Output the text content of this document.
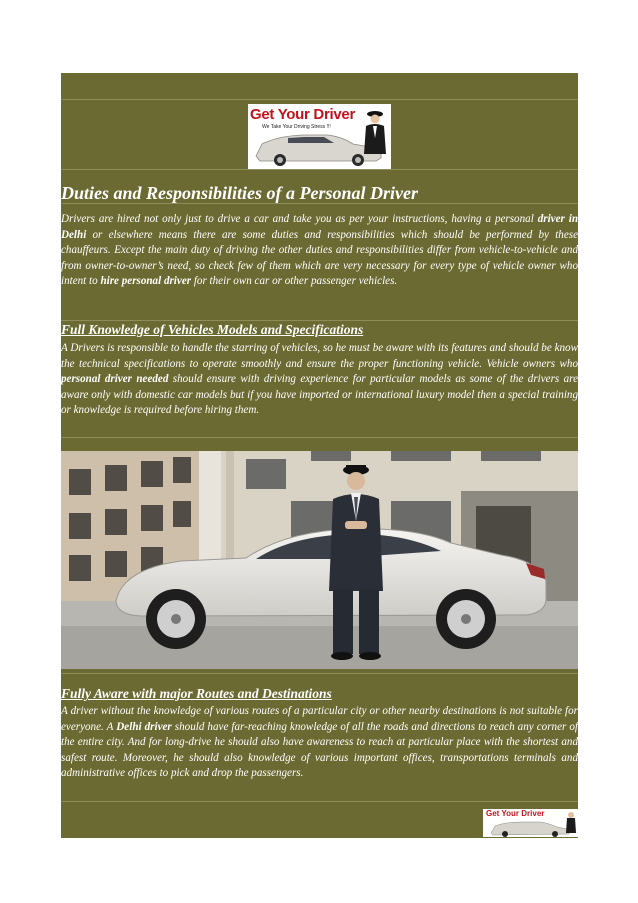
Get Your Driver
We Take Your Driving Stress !!!
Duties and Responsibilities of a Personal Driver

Drivers are hired not only just to drive a car and take you as per your instructions, having a personal driver in Delhi or elsewhere means there are some duties and responsibilities which should be performed by these chauffeurs. Except the main duty of driving the other duties and responsibilities differ from vehicle-to-vehicle and from owner-to-owner’s need, so check few of them which are very necessary for every type of vehicle owner who intent to hire personal driver for their own car or other passenger vehicles.

Full Knowledge of Vehicles Models and Specifications

A Drivers is responsible to handle the starring of vehicles, so he must be aware with its features and should be know the technical specifications to operate smoothly and ensure the proper functioning vehicle. Vehicle owners who personal driver needed should ensure with driving experience for particular models as some of the drivers are aware only with domestic car models but if you have imported or international luxury model then a special training or knowledge is required before hiring them.

Fully Aware with major Routes and Destinations

A driver without the knowledge of various routes of a particular city or other nearby destinations is not suitable for everyone. A Delhi driver should have far-reaching knowledge of all the roads and directions to reach any corner of the entire city. And for long-drive he should also have awareness to reach at particular place with the shortest and safest route. Moreover, he should also knowledge of various important offices, transportations terminals and administrative offices to pick and drop the passengers.

Get Your Driver
